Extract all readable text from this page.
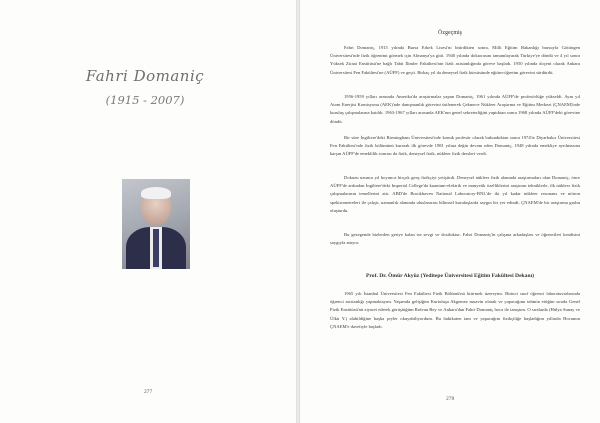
Fahri Domaniç
(1915 - 2007)
277
Özgeçmiş

Fahri Domaniç, 1915 yılında Bursa Erkek Lisesi'ni bitirdikten sonra, Milli Eğitim Bakanlığı bursuyla Göttingen Üniversitesi'nde fizik öğrenimi görmek için Almanya'ya gitti. 1940 yılında doktorasını tamamlayarak Türkiye'ye döndü ve 4 yıl sonra Yüksek Ziraat Enstitüsü'ne bağlı Tabii İlimler Fakültesi'nin fizik asistanlığında göreve başladı. 1950 yılında doçent olarak Ankara Üniversitesi Fen Fakültesi'ne (AÜFF) ve geçti. Birkaç yıl da deneysel fizik kürsüsünde eğitim-öğretim görevini sürdürdü.

1956-1959 yılları arasında Amerika'da araştırmalar yapan Domaniç, 1961 yılında AÜFF'de profesörlüğe yükseldi. Aynı yıl Atom Enerjisi Komisyonu (AEK)'nde danışmanlık görevini üstlenerek Çekmece Nükleer Araştırma ve Eğitim Merkezi (ÇNAEM)'nde kuruluş çalışmalarına katıldı. 1963-1967 yılları arasında AEK'nın genel sekreterliğini yaptıktan sonra 1968 yılında AÜFF'deki görevine döndü.

Bir süre İngiltere'deki Birmingham Üniversitesi'nde konuk profesör olarak bulunduktan sonra 1974'te Diyarbakır Üniversitesi Fen Fakültesi'nde fizik bölümünü kurarak ilk görevde 1981 yılına değin devam eden Domaniç, 1948 yılında emekliye ayrılmasına karşın AÜFF'de emeklilik sonrası da fizik, deneysel fizik, nükleer fizik dersleri verdi.

Dokuzu uzunca yıl boyunca birçok genç fizikçiyi yetiştirdi. Deneysel nükleer fizik alanında araştırmaları olan Domaniç, önce AÜFF'de ardından İngiltere'deki Imperial College'da kuantum-elektrik ve manyetik özelliklerini araştıran tekniklerle, ilk nükleer fizik çalışmalarının temellerini attı. ABD'de Brookhaven National Laboratory-BNL'de iki yıl kadar nükleer rezonans ve nötron spektrometreleri ile çalıştı, uzmanlık alanında uluslararası bilimsel kuruluşlarda saygın bir yer edindi; ÇNAEM'de bir araştırma grubu oluşturdu.

Bu gezegende bizlerden geriye kalan ise sevgi ve dostluktur. Fahri Domaniç'in çalışma arkadaşları ve öğrencileri kendisini saygıyla anıyor.

Prof. Dr. Ömür Akyüz (Yeditepe Üniversitesi Eğitim Fakültesi Dekanı)

1965 yılı İstanbul Üniversitesi Fen Fakültesi Fizik Bölümü'nü bitirmek üzereyim. Birinci sınıf öğrenci laboratuvarlarında öğrenci asistanlığı yapmaktayım. Yaşamda gelişiğim Kurtuluşa Akgemez muavin olarak ve yapacağımı tahmin ettiğim sırada Genel Fizik Enstitüsü'nü ziyaret ederek görüştüğüm Rıdvan Bey ve Ankara'dan Fahri Domaniç hoca ile tanıştım. O sıralarda (Hülya Sunay ve Ülkü Y.) alabildiğine başka şeyler okuyabiliyordum. Bu hakikaten tam ve yapacağım fizikçiliğe başladığım yıllarda Hocamın ÇNAEM'e davetiyle başladı.

278
